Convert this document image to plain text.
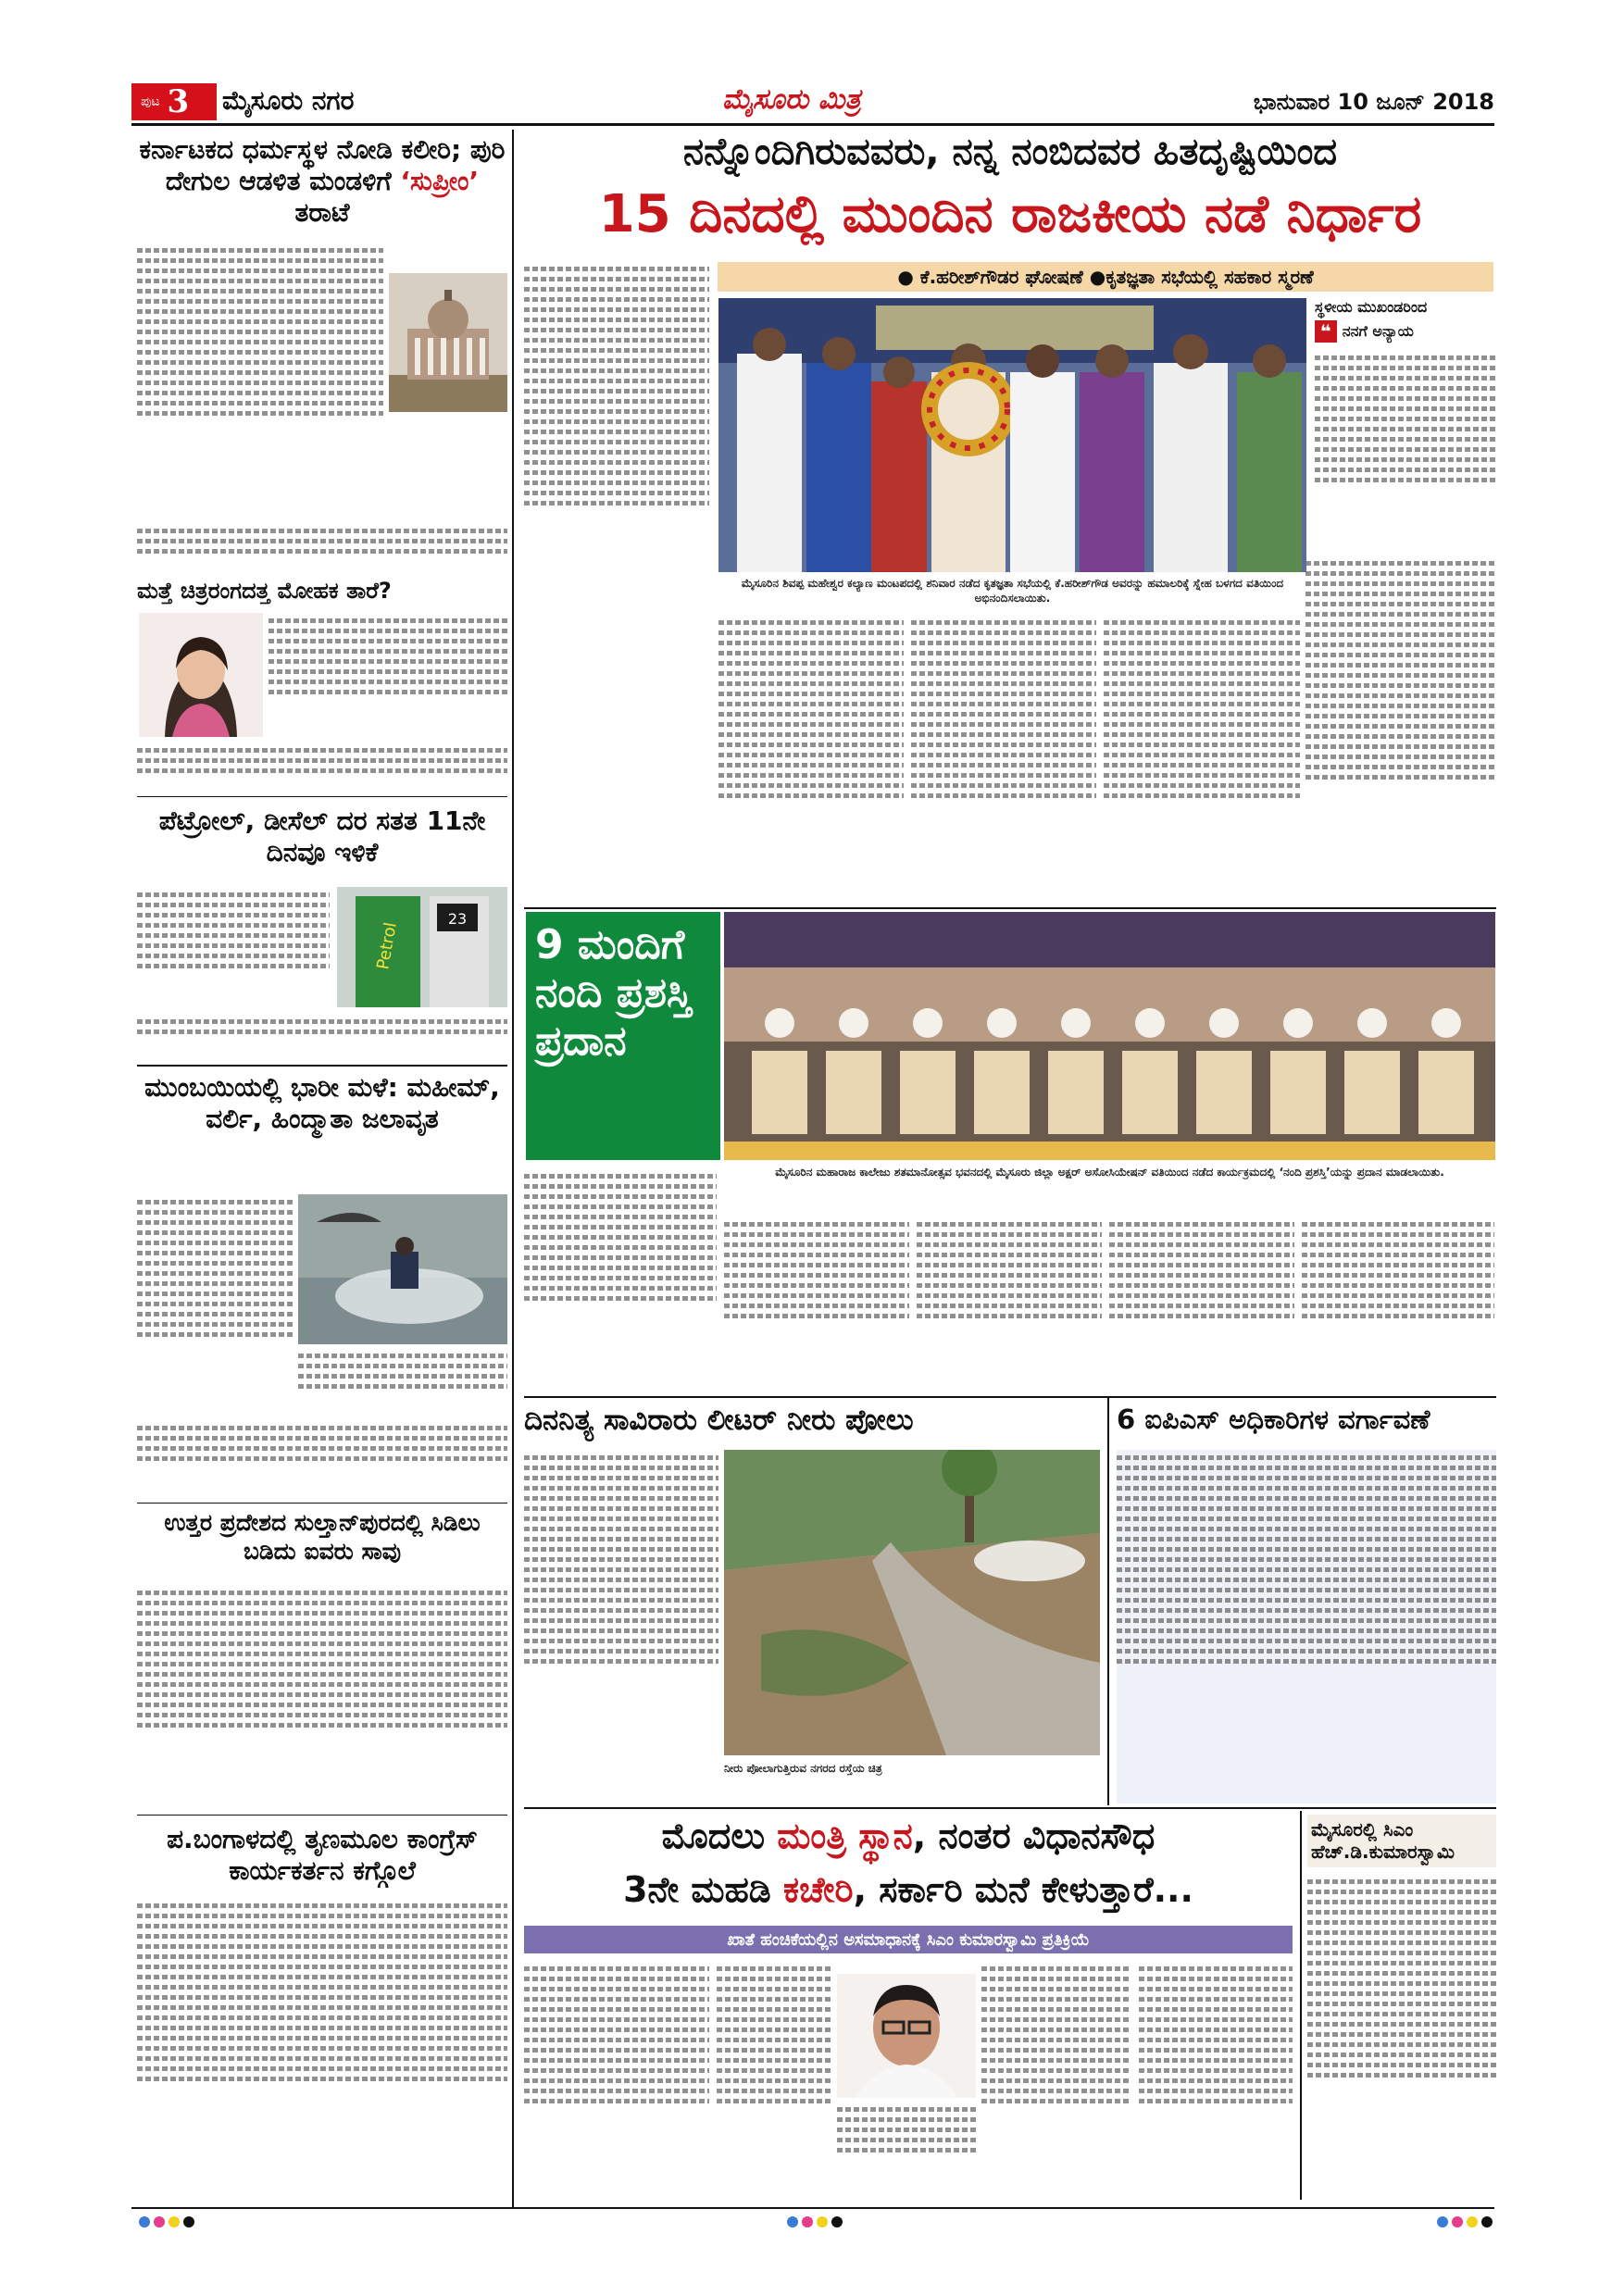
ಪುಟ 3 ಮೈಸೂರು ನಗರ	ಮೈಸೂರು ಮಿತ್ರ	ಭಾನುವಾರ 10 ಜೂನ್ 2018
ಕರ್ನಾಟಕದ ಧರ್ಮಸ್ಥಳ ನೋಡಿ ಕಲೀರಿ; ಪುರಿ ದೇಗುಲ ಆಡಳಿತ ಮಂಡಳಿಗೆ ‘ಸುಪ್ರೀಂ’ ತರಾಟೆ
ಮತ್ತೆ ಚಿತ್ರರಂಗದತ್ತ ಮೋಹಕ ತಾರೆ?
ಪೆಟ್ರೋಲ್, ಡೀಸೆಲ್ ದರ ಸತತ 11ನೇ ದಿನವೂ ಇಳಿಕೆ
23
Petrol
ಮುಂಬಯಿಯಲ್ಲಿ ಭಾರೀ ಮಳೆ: ಮಹೀಮ್, ವರ್ಲಿ, ಹಿಂದ್ಮಾತಾ ಜಲಾವೃತ
ಉತ್ತರ ಪ್ರದೇಶದ ಸುಲ್ತಾನ್‌ಪುರದಲ್ಲಿ ಸಿಡಿಲು ಬಡಿದು ಐವರು ಸಾವು
ಪ.ಬಂಗಾಳದಲ್ಲಿ ತೃಣಮೂಲ ಕಾಂಗ್ರೆಸ್ ಕಾರ್ಯಕರ್ತನ ಕಗ್ಗೊಲೆ
ನನ್ನೊಂದಿಗಿರುವವರು, ನನ್ನ ನಂಬಿದವರ ಹಿತದೃಷ್ಟಿಯಿಂದ
15 ದಿನದಲ್ಲಿ ಮುಂದಿನ ರಾಜಕೀಯ ನಡೆ ನಿರ್ಧಾರ
● ಕೆ.ಹರೀಶ್‌ಗೌಡರ ಘೋಷಣೆ ●ಕೃತಜ್ಞತಾ ಸಭೆಯಲ್ಲಿ ಸಹಕಾರ ಸ್ಮರಣೆ
ಮೈಸೂರಿನ ಶಿವಪ್ಪ ಮಹೇಶ್ವರ ಕಲ್ಯಾಣ ಮಂಟಪದಲ್ಲಿ ಶನಿವಾರ ನಡೆದ ಕೃತಜ್ಞತಾ ಸಭೆಯಲ್ಲಿ ಕೆ.ಹರೀಶ್‌ಗೌಡ ಅವರನ್ನು ಹಮಾಲರಿಕ್ಕೆ ಸ್ನೇಹ ಬಳಗದ ವತಿಯಿಂದ ಅಭಿನಂದಿಸಲಾಯಿತು.
ಸ್ಥಳೀಯ ಮುಖಂಡರಿಂದ
❝ ನನಗೆ ಅನ್ಯಾಯ
9 ಮಂದಿಗೆ ನಂದಿ ಪ್ರಶಸ್ತಿ ಪ್ರದಾನ
ಮೈಸೂರಿನ ಮಹಾರಾಜ ಕಾಲೇಜು ಶತಮಾನೋತ್ಸವ ಭವನದಲ್ಲಿ ಮೈಸೂರು ಜಿಲ್ಲಾ ಅಕ್ಷರ್ ಅಸೋಸಿಯೇಷನ್ ವತಿಯಿಂದ ನಡೆದ ಕಾರ್ಯಕ್ರಮದಲ್ಲಿ ‘ನಂದಿ ಪ್ರಶಸ್ತಿ’ಯನ್ನು ಪ್ರದಾನ ಮಾಡಲಾಯಿತು.
ದಿನನಿತ್ಯ ಸಾವಿರಾರು ಲೀಟರ್ ನೀರು ಪೋಲು
ನೀರು ಪೋಲಾಗುತ್ತಿರುವ ನಗರದ ರಸ್ತೆಯ ಚಿತ್ರ
6 ಐಪಿಎಸ್ ಅಧಿಕಾರಿಗಳ ವರ್ಗಾವಣೆ
ಮೊದಲು ಮಂತ್ರಿ ಸ್ಥಾನ, ನಂತರ ವಿಧಾನಸೌಧ
3ನೇ ಮಹಡಿ ಕಚೇರಿ, ಸರ್ಕಾರಿ ಮನೆ ಕೇಳುತ್ತಾರೆ...
ಖಾತೆ ಹಂಚಿಕೆಯಲ್ಲಿನ ಅಸಮಾಧಾನಕ್ಕೆ ಸಿಎಂ ಕುಮಾರಸ್ವಾಮಿ ಪ್ರತಿಕ್ರಿಯೆ
ಮೈಸೂರಲ್ಲಿ ಸಿಎಂ ಹೆಚ್.ಡಿ.ಕುಮಾರಸ್ವಾಮಿ
